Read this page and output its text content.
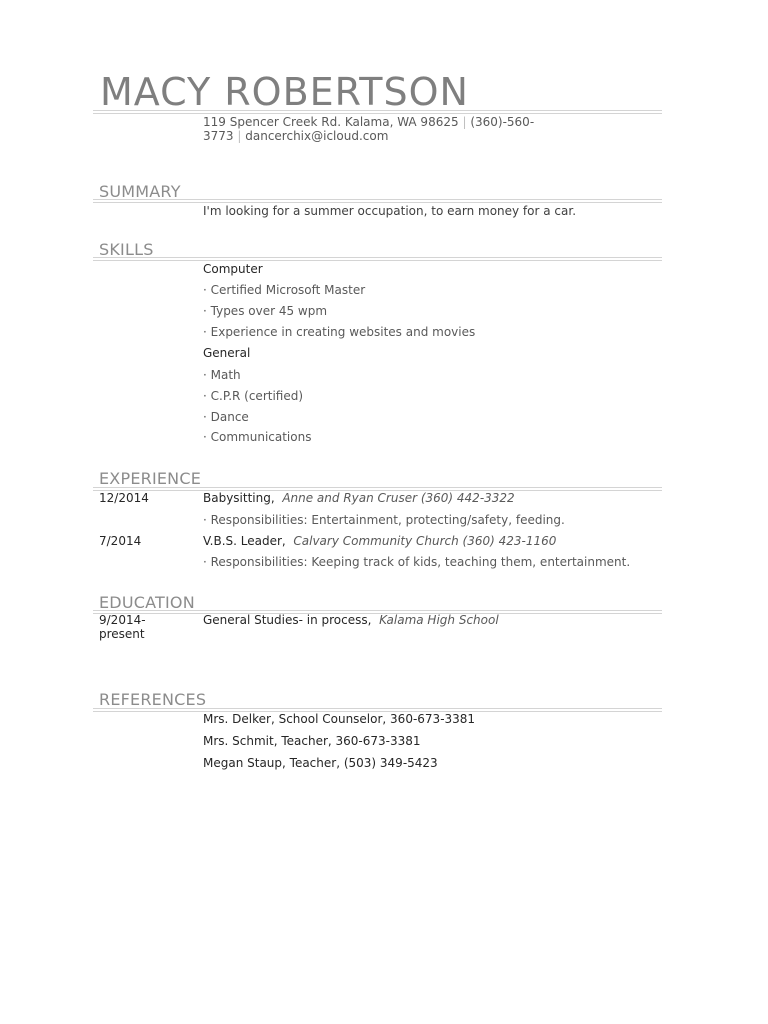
MACY ROBERTSON
119 Spencer Creek Rd. Kalama, WA 98625 | (360)-560-
3773 | dancerchix@icloud.com
SUMMARY
I'm looking for a summer occupation, to earn money for a car.
SKILLS
Computer
· Certified Microsoft Master
· Types over 45 wpm
· Experience in creating websites and movies
General
· Math
· C.P.R (certified)
· Dance
· Communications
EXPERIENCE
12/2014	Babysitting, Anne and Ryan Cruser (360) 442-3322
· Responsibilities: Entertainment, protecting/safety, feeding.
7/2014	V.B.S. Leader, Calvary Community Church (360) 423-1160
· Responsibilities: Keeping track of kids, teaching them, entertainment.
EDUCATION
9/2014-
present
General Studies- in process, Kalama High School
REFERENCES
Mrs. Delker, School Counselor, 360-673-3381
Mrs. Schmit, Teacher, 360-673-3381
Megan Staup, Teacher, (503) 349-5423
